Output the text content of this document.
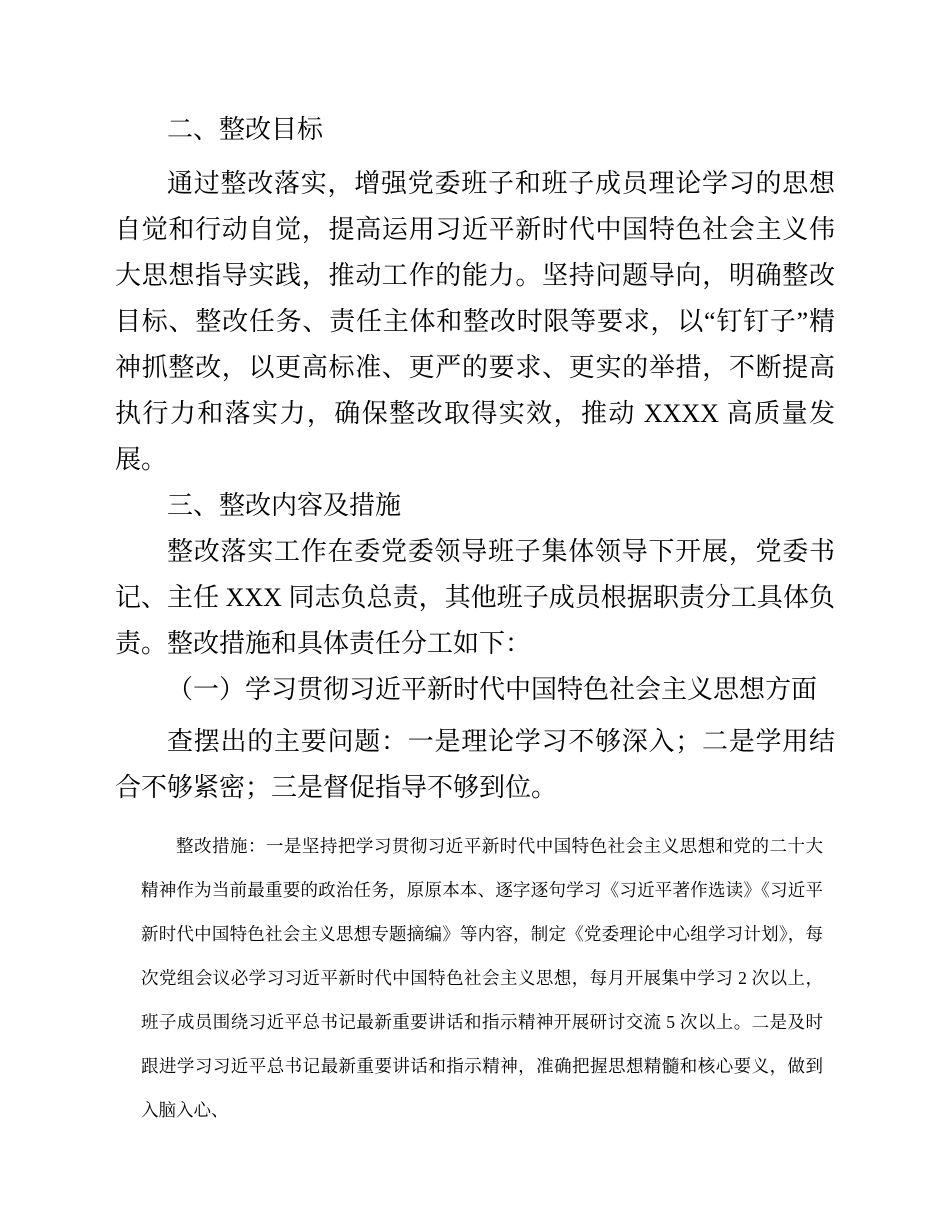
二、整改目标

通过整改落实，增强党委班子和班子成员理论学习的思想自觉和行动自觉，提高运用习近平新时代中国特色社会主义伟大思想指导实践，推动工作的能力。坚持问题导向，明确整改目标、整改任务、责任主体和整改时限等要求，以“钉钉子”精神抓整改，以更高标准、更严的要求、更实的举措，不断提高执行力和落实力，确保整改取得实效，推动 XXXX 高质量发展。

三、整改内容及措施

整改落实工作在委党委领导班子集体领导下开展，党委书记、主任 XXX 同志负总责，其他班子成员根据职责分工具体负责。整改措施和具体责任分工如下：

（一）学习贯彻习近平新时代中国特色社会主义思想方面

查摆出的主要问题：一是理论学习不够深入；二是学用结合不够紧密；三是督促指导不够到位。

整改措施：一是坚持把学习贯彻习近平新时代中国特色社会主义思想和党的二十大精神作为当前最重要的政治任务，原原本本、逐字逐句学习《习近平著作选读》《习近平新时代中国特色社会主义思想专题摘编》等内容，制定《党委理论中心组学习计划》，每次党组会议必学习习近平新时代中国特色社会主义思想，每月开展集中学习 2 次以上，班子成员围绕习近平总书记最新重要讲话和指示精神开展研讨交流 5 次以上。二是及时跟进学习习近平总书记最新重要讲话和指示精神，准确把握思想精髓和核心要义，做到入脑入心、
